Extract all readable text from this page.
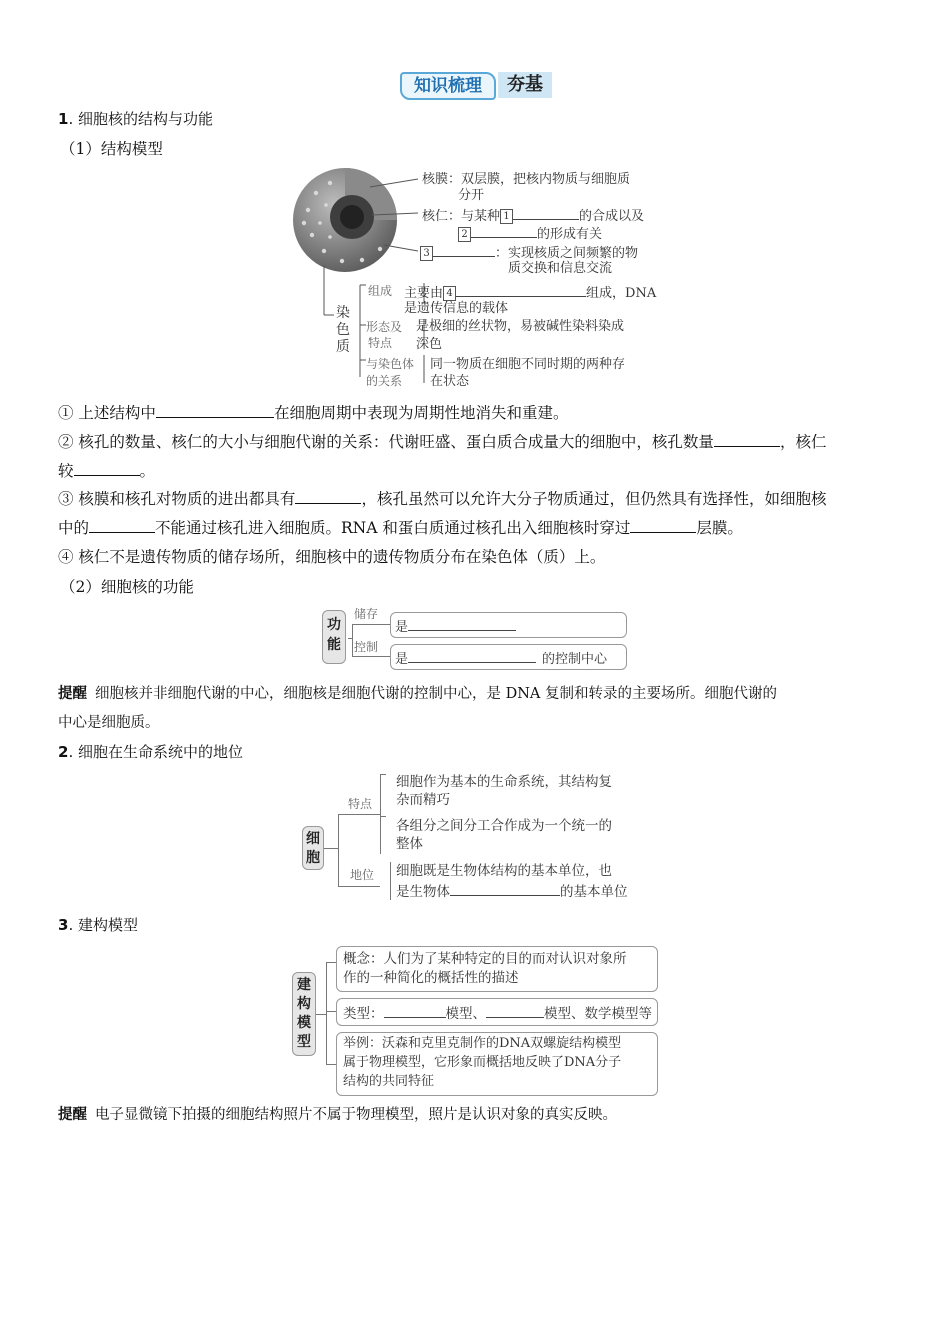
知识梳理	夯基
1. 细胞核的结构与功能
（1）结构模型
核膜：双层膜，把核内物质与细胞质
分开
核仁：与某种 1	的合成以及
2	的形成有关
3	：实现核质之间频繁的物
质交换和信息交流
染色质
组成 主要由 4	组成，DNA
是遗传信息的载体
形态及
特点
是极细的丝状物，易被碱性染料染成
深色
与染色体
的关系
同一物质在细胞不同时期的两种存
在状态
① 上述结构中	在细胞周期中表现为周期性地消失和重建。
② 核孔的数量、核仁的大小与细胞代谢的关系：代谢旺盛、蛋白质合成量大的细胞中，核孔数量	，核仁
较	。
③ 核膜和核孔对物质的进出都具有	，核孔虽然可以允许大分子物质通过，但仍然具有选择性，如细胞核
中的	不能通过核孔进入细胞质。RNA 和蛋白质通过核孔出入细胞核时穿过	层膜。
④ 核仁不是遗传物质的储存场所，细胞核中的遗传物质分布在染色体（质）上。
（2）细胞核的功能
功
能
储存
控制
是
是	的控制中心
提醒 细胞核并非细胞代谢的中心，细胞核是细胞代谢的控制中心，是 DNA 复制和转录的主要场所。细胞代谢的
中心是细胞质。
2. 细胞在生命系统中的地位
细
胞
特点
地位
细胞作为基本的生命系统，其结构复
杂而精巧
各组分之间分工合作成为一个统一的
整体
细胞既是生物体结构的基本单位，也
是生物体	的基本单位
3. 建构模型
建
构
模
型
概念：人们为了某种特定的目的而对认识对象所
作的一种简化的概括性的描述
类型：	模型、	模型、数学模型等
举例：沃森和克里克制作的DNA双螺旋结构模型
属于物理模型，它形象而概括地反映了DNA分子
结构的共同特征
提醒 电子显微镜下拍摄的细胞结构照片不属于物理模型，照片是认识对象的真实反映。
